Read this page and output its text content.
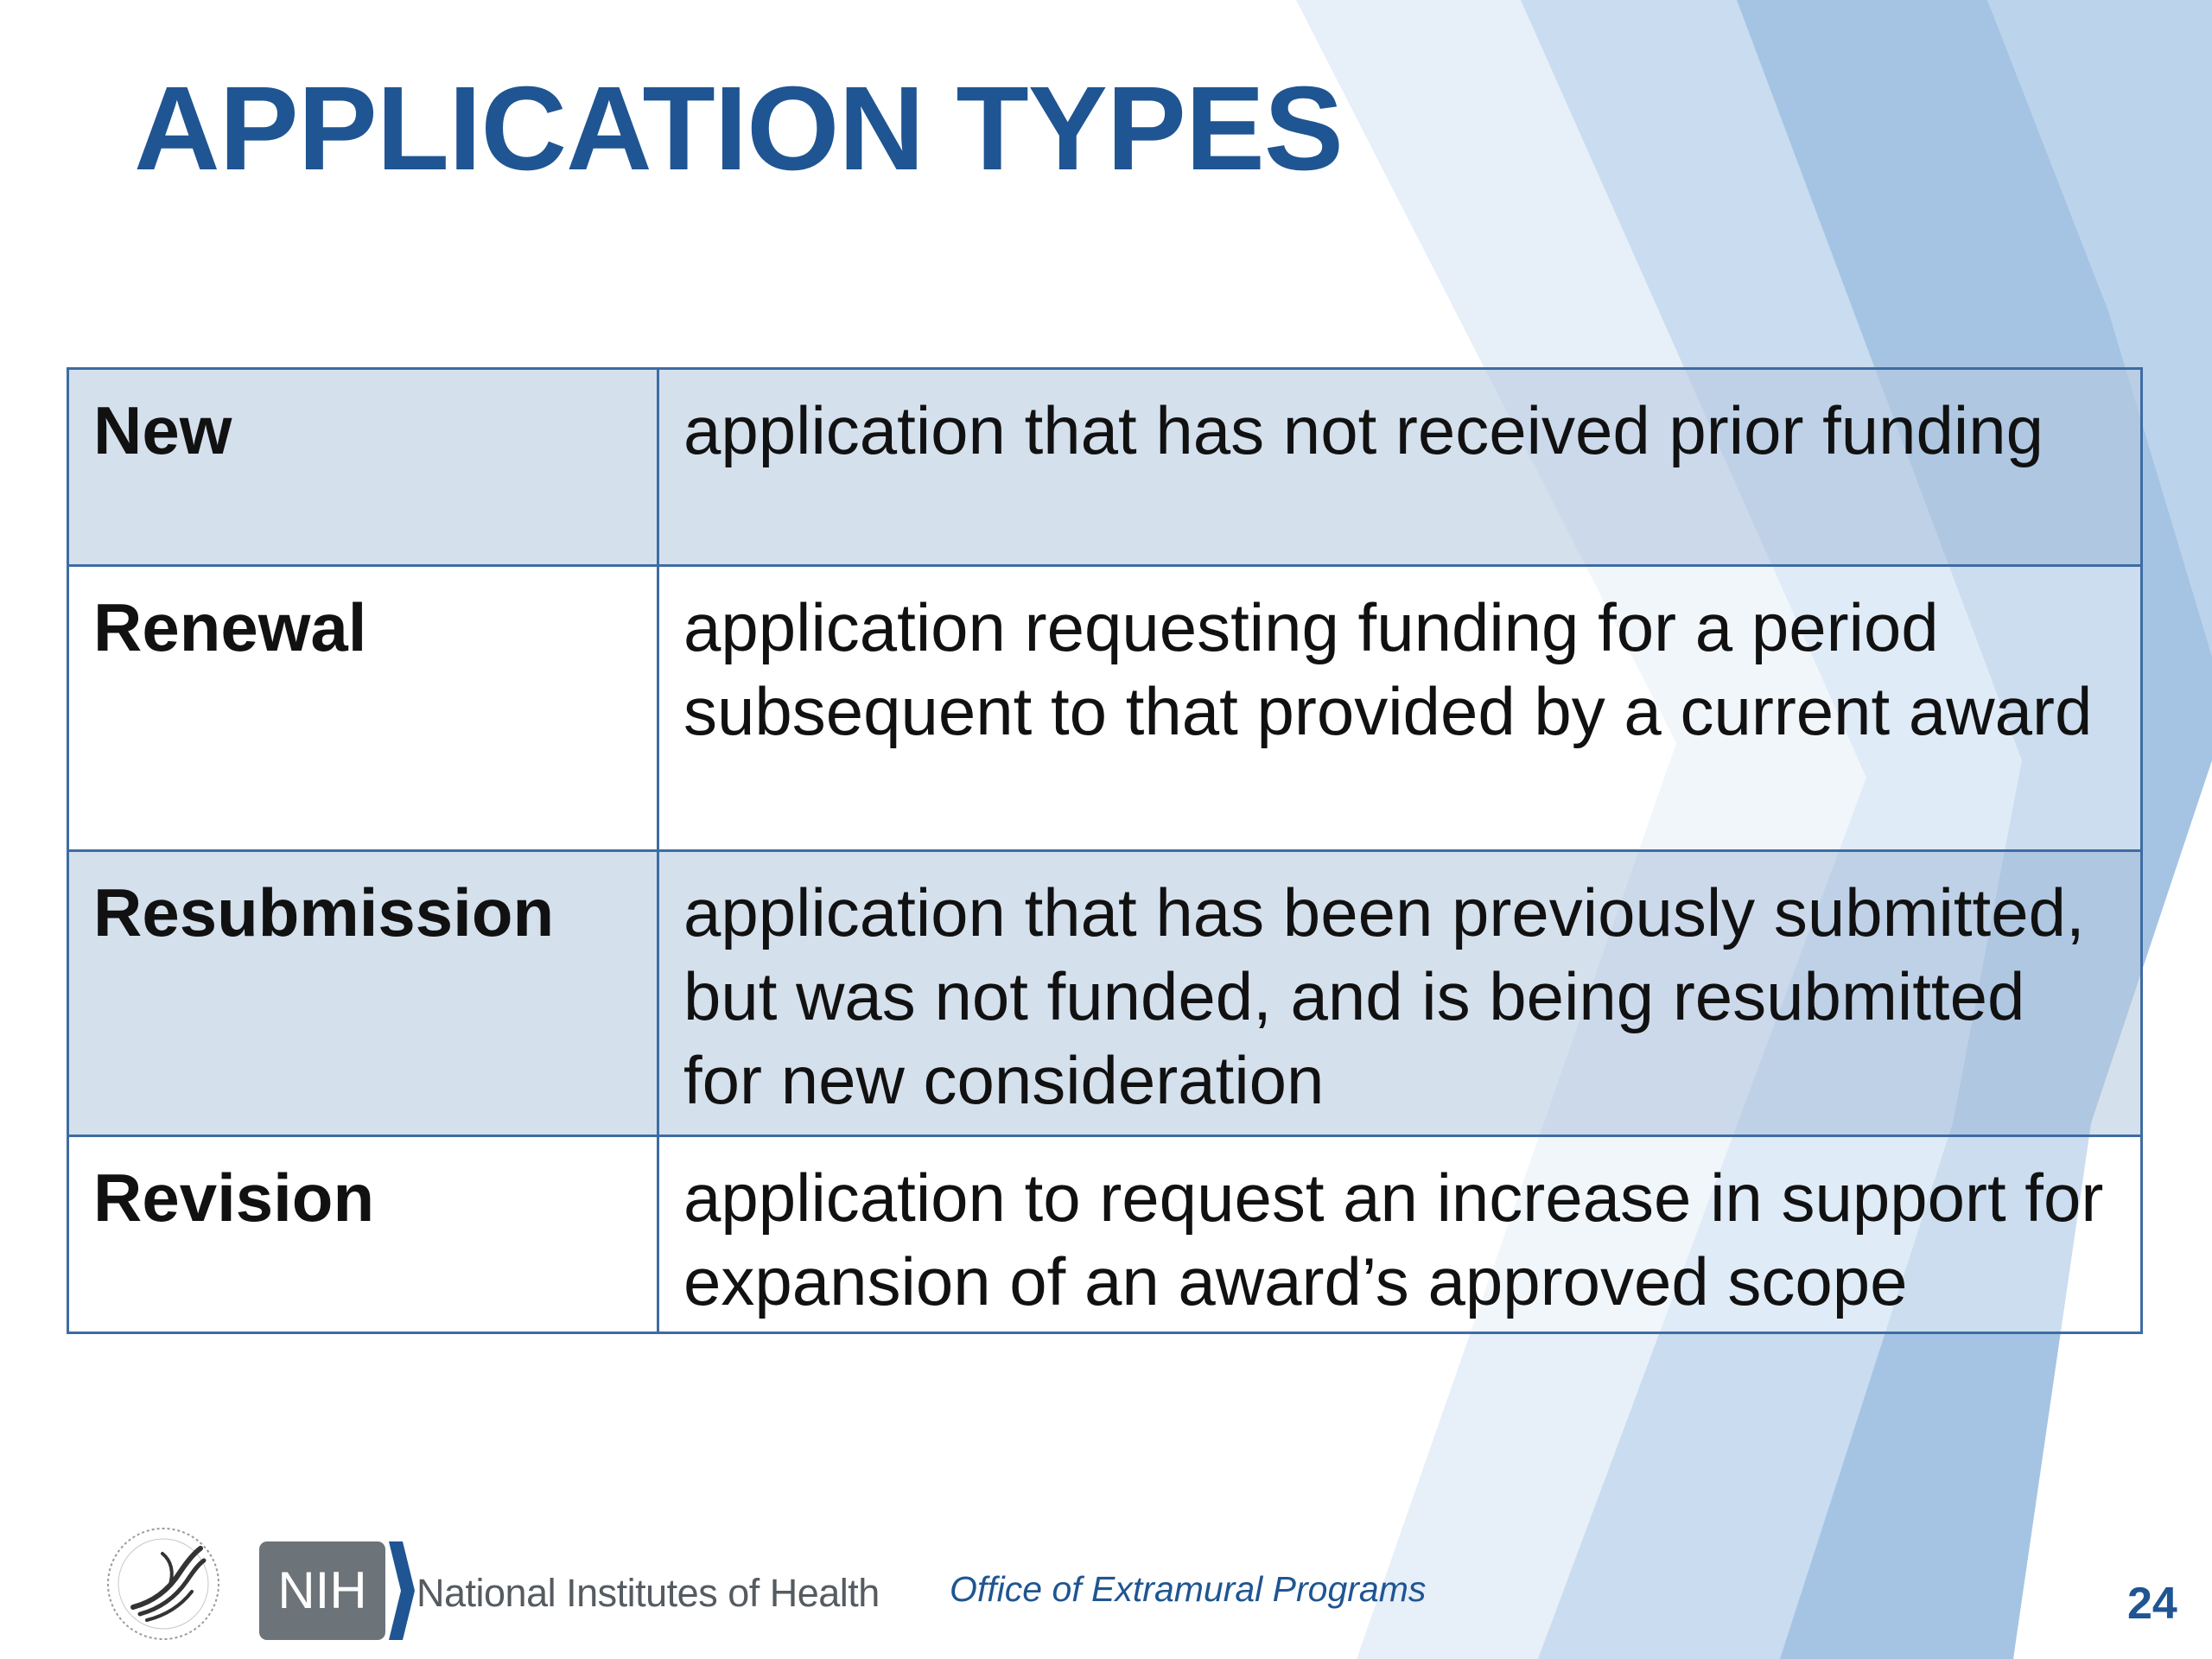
APPLICATION TYPES
New	application that has not received prior funding
Renewal	application requesting funding for a period subsequent to that provided by a current award
Resubmission	application that has been previously submitted, but was not funded, and is being resubmitted for new consideration
Revision	application to request an increase in support for expansion of an award’s approved scope
NIH National Institutes of Health Office of Extramural Programs	24
